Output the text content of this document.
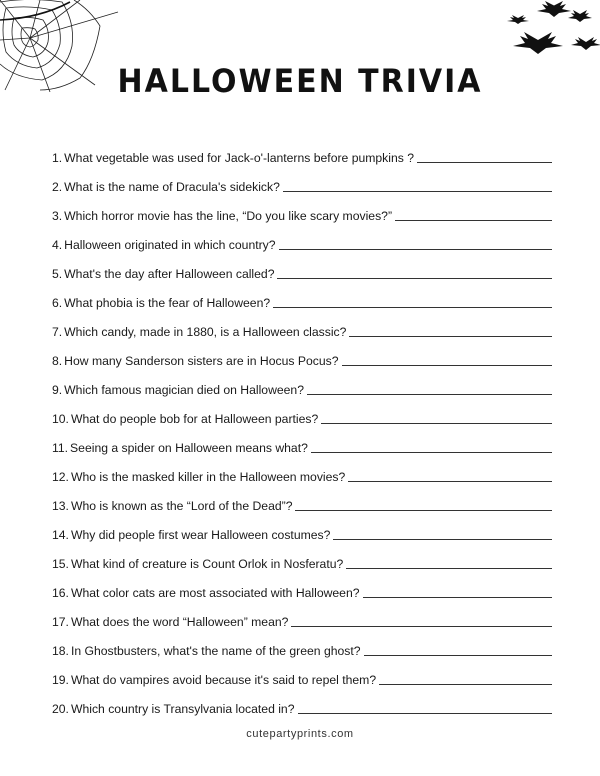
HALLOWEEN TRIVIA
1. What vegetable was used for Jack-o'-lanterns before pumpkins ?
2. What is the name of Dracula's sidekick?
3. Which horror movie has the line, “Do you like scary movies?”
4. Halloween originated in which country?
5. What's the day after Halloween called?
6. What phobia is the fear of Halloween?
7. Which candy, made in 1880, is a Halloween classic?
8. How many Sanderson sisters are in Hocus Pocus?
9. Which famous magician died on Halloween?
10. What do people bob for at Halloween parties?
11. Seeing a spider on Halloween means what?
12. Who is the masked killer in the Halloween movies?
13. Who is known as the “Lord of the Dead”?
14. Why did people first wear Halloween costumes?
15. What kind of creature is Count Orlok in Nosferatu?
16. What color cats are most associated with Halloween?
17. What does the word “Halloween” mean?
18. In Ghostbusters, what's the name of the green ghost?
19. What do vampires avoid because it's said to repel them?
20. Which country is Transylvania located in?
cutepartyprints.com
